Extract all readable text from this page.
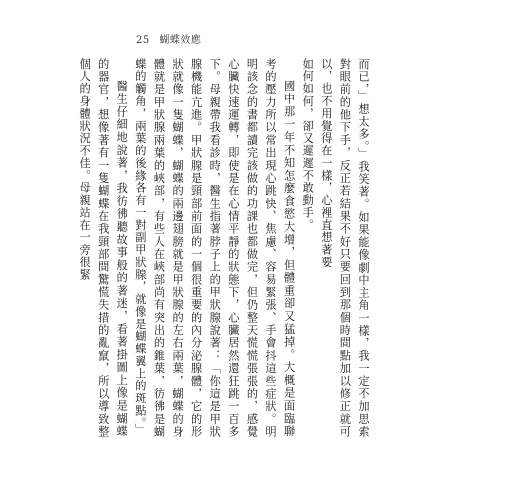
25 蝴蝶效應

而已，」想太多。」我笑著。如果能像劇中主角一樣，我一定不加思索對眼前的他下手，反正若結果不好只要回到那個時間點加以修正就可以，也不用覺得在一樣，心裡直想著要

如何如何，卻又遲遲不敢動手。

國中那一年不知怎麼食慾大增，但體重卻又猛掉。大概是面臨聯考的壓力所以常出現心跳快、焦慮、容易緊張、手會抖這些症狀。明明該念的書都讀完該做的功課也都做完，但仍整天慌慌張張的，感覺心臟快速運轉，即使是在心情平靜的狀態下，心臟居然還狂跳一百多下。母親帶我看診時，醫生指著脖子上的甲狀腺說著：「你這是甲狀腺機能亢進。甲狀腺是頸部前面的一個很重要的內分泌腺體，它的形狀就像一隻蝴蝶，蝴蝶的兩邊翅膀就是甲狀腺的左右兩葉，蝴蝶的身體就是甲狀腺兩葉的峽部，有些人在峽部尚有突出的錐葉，彷彿是蝴蝶的觸角，兩葉的後緣各有一對副甲狀腺，就像是蝴蝶翼上的斑點。」

醫生仔細地說著，我彷彿聽故事般的著迷，看著掛圖上像是蝴蝶的器官，想像著有一隻蝴蝶在我頸部間驚慌失措的亂竄，所以導致整個人的身體狀況不佳。母親站在一旁很緊
